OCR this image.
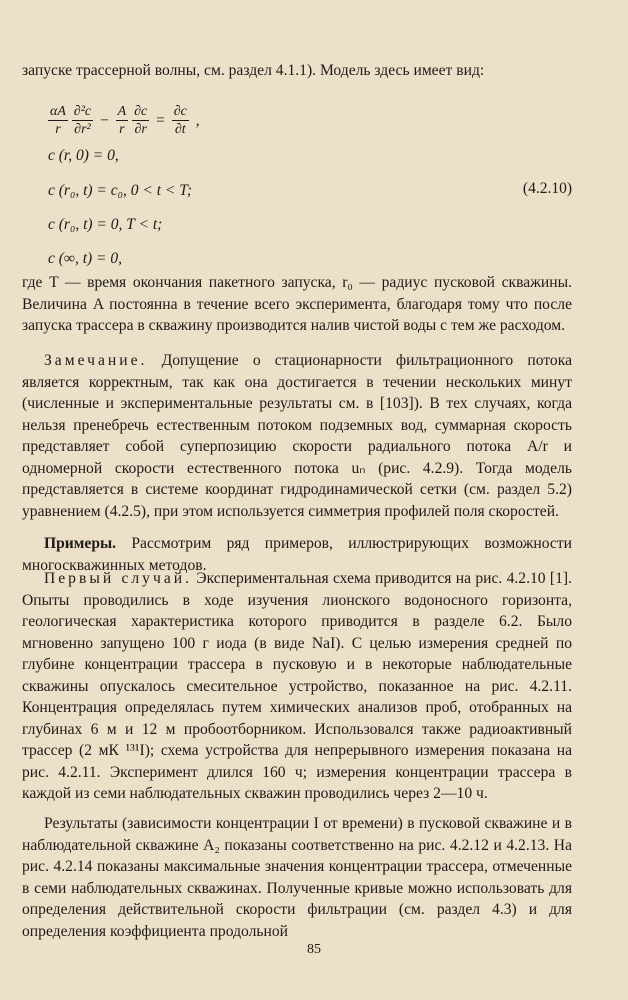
запуске трассерной волны, см. раздел 4.1.1). Модель здесь имеет вид:

$\frac{\alpha A}{r}$
$\frac{\text{∂²c}}{\text{∂r²}} - \frac{A}{r}$
$\frac{\partial c}{\partial r} = \frac{\partial c}{\partial t}$ ,
c (r, 0) = 0,
c (r₀, t) = c₀, 0 < t < T;
c (r₀, t) = 0, T < t;
c (∞, t) = 0,
(4.2.10)

где T — время окончания пакетного запуска, r₀ — радиус пусковой скважины. Величина A постоянна в течение всего эксперимента, благодаря тому что после запуска трассера в скважину производится налив чистой воды с тем же расходом.

Замечание. Допущение о стационарности фильтрационного потока является корректным, так как она достигается в течении нескольких минут (численные и экспериментальные результаты см. в [103]). В тех случаях, когда нельзя пренебречь естественным потоком подземных вод, суммарная скорость представляет собой суперпозицию скорости радиального потока A/r и одномерной скорости естественного потока uₙ (рис. 4.2.9). Тогда модель представляется в системе координат гидродинамической сетки (см. раздел 5.2) уравнением (4.2.5), при этом используется симметрия профилей поля скоростей.

Примеры. Рассмотрим ряд примеров, иллюстрирующих возможности многоскважинных методов.

Первый случай. Экспериментальная схема приводится на рис. 4.2.10 [1]. Опыты проводились в ходе изучения лионского водоносного горизонта, геологическая характеристика которого приводится в разделе 6.2. Было мгновенно запущено 100 г иода (в виде NaI). С целью измерения средней по глубине концентрации трассера в пусковую и в некоторые наблюдательные скважины опускалось смесительное устройство, показанное на рис. 4.2.11. Концентрация определялась путем химических анализов проб, отобранных на глубинах 6 м и 12 м пробоотборником. Использовался также радиоактивный трассер (2 мК ¹³¹I); схема устройства для непрерывного измерения показана на рис. 4.2.11. Эксперимент длился 160 ч; измерения концентрации трассера в каждой из семи наблюдательных скважин проводились через 2—10 ч.

Результаты (зависимости концентрации I от времени) в пусковой скважине и в наблюдательной скважине A₂ показаны соответственно на рис. 4.2.12 и 4.2.13. На рис. 4.2.14 показаны максимальные значения концентрации трассера, отмеченные в семи наблюдательных скважинах. Полученные кривые можно использовать для определения действительной скорости фильтрации (см. раздел 4.3) и для определения коэффициента продольной

85
